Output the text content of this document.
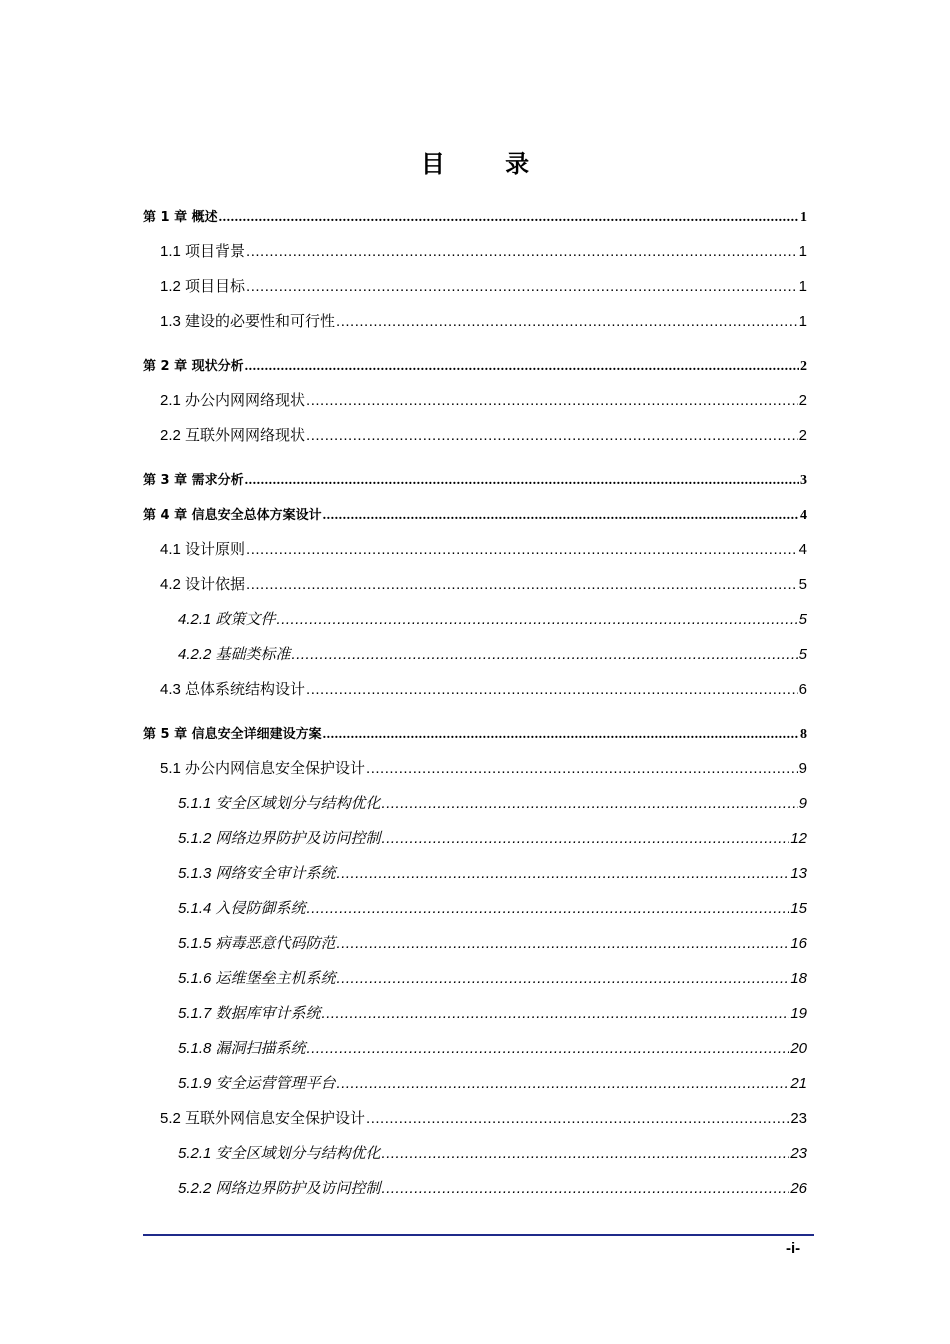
目 录
第 1 章 概述 .....	1
1.1 项目背景 .....	1
1.2 项目目标 .....	1
1.3 建设的必要性和可行性 .....	1
第 2 章 现状分析 .....	2
2.1 办公内网网络现状 .....	2
2.2 互联外网网络现状 .....	2
第 3 章 需求分析 .....	3
第 4 章 信息安全总体方案设计 .....	4
4.1 设计原则 .....	4
4.2 设计依据 .....	5
4.2.1 政策文件 .....	5
4.2.2 基础类标准 .....	5
4.3 总体系统结构设计 .....	6
第 5 章 信息安全详细建设方案 .....	8
5.1 办公内网信息安全保护设计 .....	9
5.1.1 安全区域划分与结构优化 .....	9
5.1.2 网络边界防护及访问控制 .....	12
5.1.3 网络安全审计系统 .....	13
5.1.4 入侵防御系统 .....	15
5.1.5 病毒恶意代码防范 .....	16
5.1.6 运维堡垒主机系统 .....	18
5.1.7 数据库审计系统 .....	19
5.1.8 漏洞扫描系统 .....	20
5.1.9 安全运营管理平台 .....	21
5.2 互联外网信息安全保护设计 .....	23
5.2.1 安全区域划分与结构优化 .....	23
5.2.2 网络边界防护及访问控制 .....	26
-i-
